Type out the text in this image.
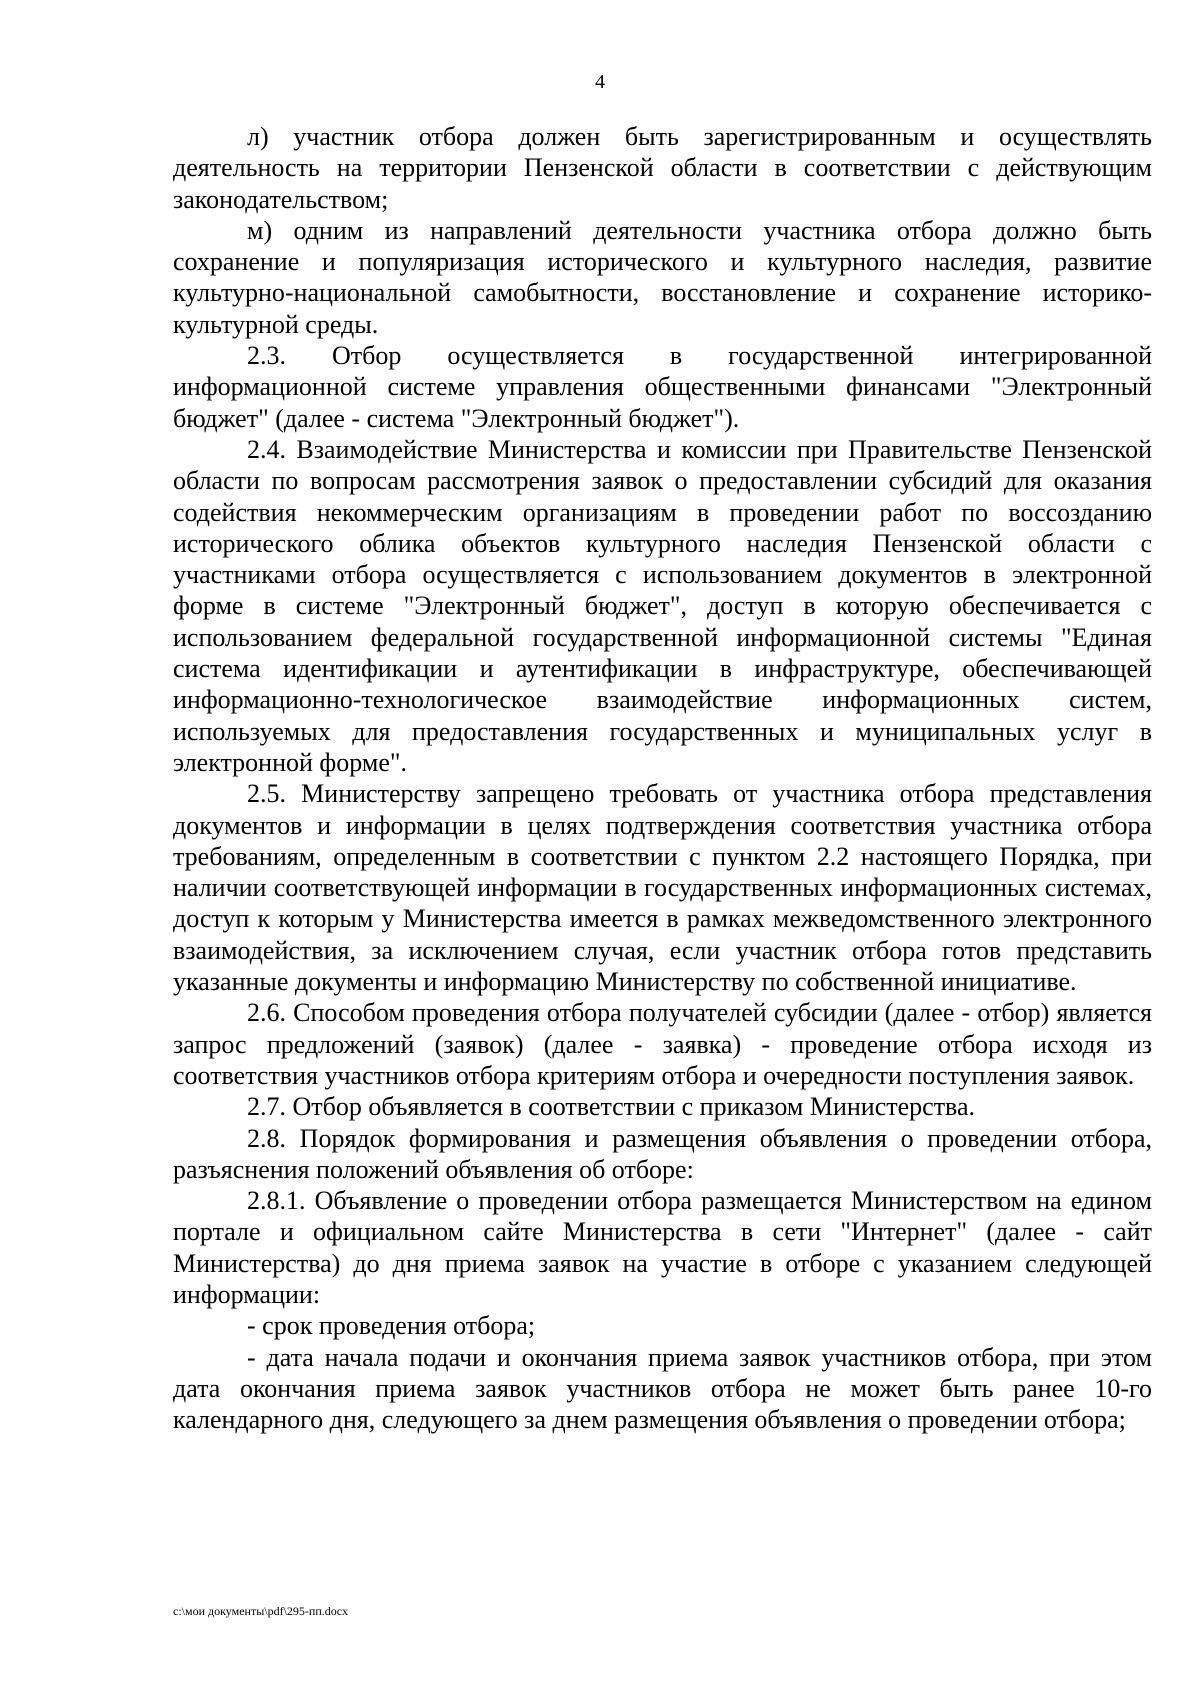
4

л) участник отбора должен быть зарегистрированным и осуществлять деятельность на территории Пензенской области в соответствии с действующим законодательством;

м) одним из направлений деятельности участника отбора должно быть сохранение и популяризация исторического и культурного наследия, развитие культурно-национальной самобытности, восстановление и сохранение историко-культурной среды.

2.3. Отбор осуществляется в государственной интегрированной информационной системе управления общественными финансами "Электронный бюджет" (далее - система "Электронный бюджет").

2.4. Взаимодействие Министерства и комиссии при Правительстве Пензенской области по вопросам рассмотрения заявок о предоставлении субсидий для оказания содействия некоммерческим организациям в проведении работ по воссозданию исторического облика объектов культурного наследия Пензенской области с участниками отбора осуществляется с использованием документов в электронной форме в системе "Электронный бюджет", доступ в которую обеспечивается с использованием федеральной государственной информационной системы "Единая система идентификации и аутентификации в инфраструктуре, обеспечивающей информационно-технологическое взаимодействие информационных систем, используемых для предоставления государственных и муниципальных услуг в электронной форме".

2.5. Министерству запрещено требовать от участника отбора представления документов и информации в целях подтверждения соответствия участника отбора требованиям, определенным в соответствии с пунктом 2.2 настоящего Порядка, при наличии соответствующей информации в государственных информационных системах, доступ к которым у Министерства имеется в рамках межведомственного электронного взаимодействия, за исключением случая, если участник отбора готов представить указанные документы и информацию Министерству по собственной инициативе.

2.6. Способом проведения отбора получателей субсидии (далее - отбор) является запрос предложений (заявок) (далее - заявка) - проведение отбора исходя из соответствия участников отбора критериям отбора и очередности поступления заявок.

2.7. Отбор объявляется в соответствии с приказом Министерства.

2.8. Порядок формирования и размещения объявления о проведении отбора, разъяснения положений объявления об отборе:

2.8.1. Объявление о проведении отбора размещается Министерством на едином портале и официальном сайте Министерства в сети "Интернет" (далее - сайт Министерства) до дня приема заявок на участие в отборе с указанием следующей информации:

- срок проведения отбора;

- дата начала подачи и окончания приема заявок участников отбора, при этом дата окончания приема заявок участников отбора не может быть ранее 10-го календарного дня, следующего за днем размещения объявления о проведении отбора;

c:\мои документы\pdf\295-пп.docx
